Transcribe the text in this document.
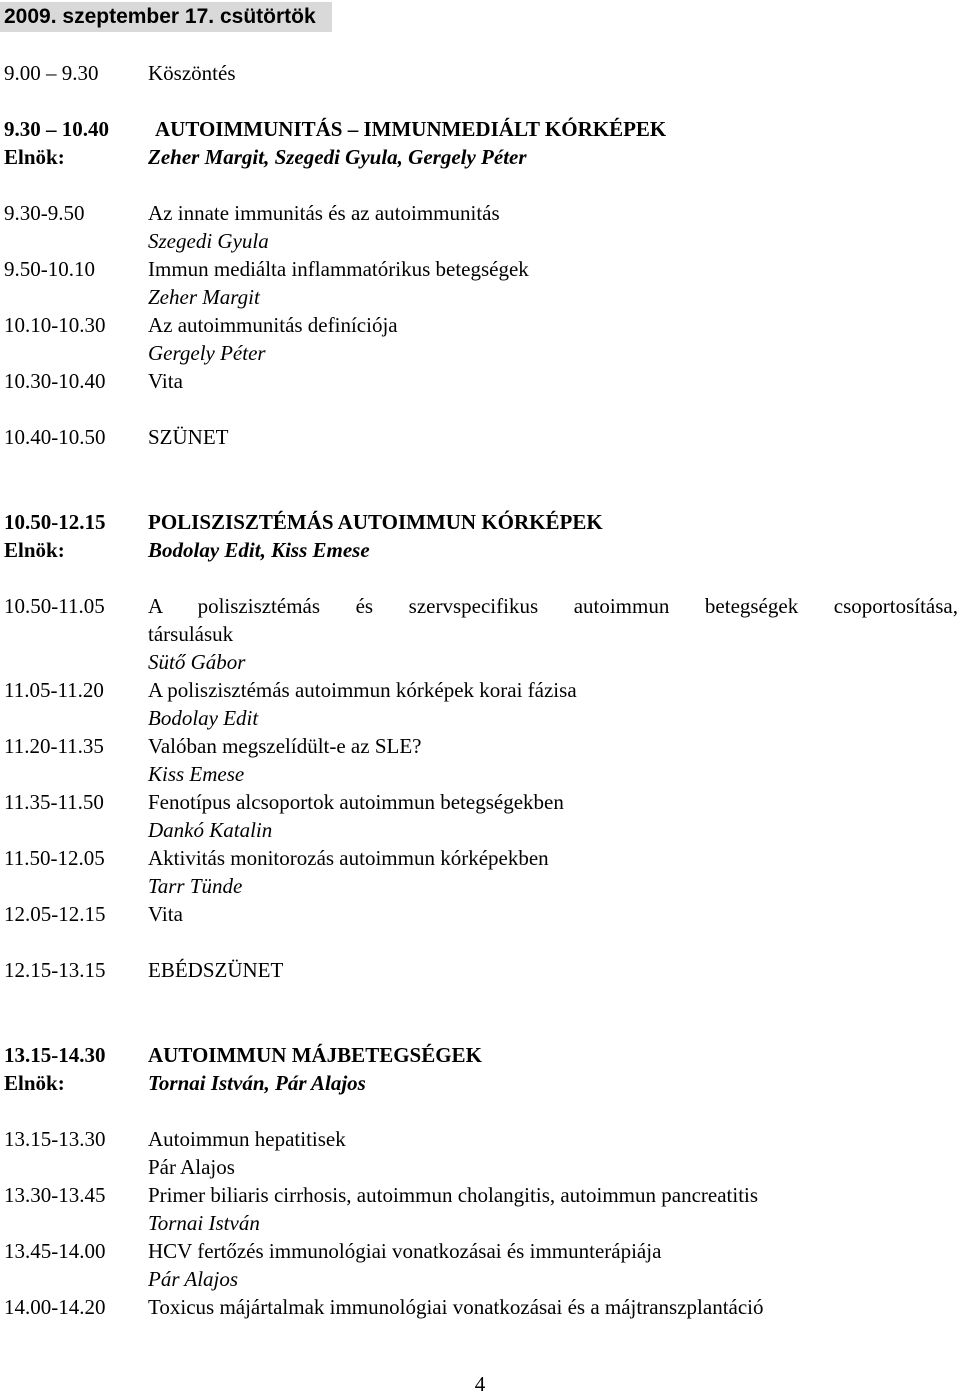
2009. szeptember 17. csütörtök
9.00 – 9.30 Köszöntés
9.30 – 10.40 AUTOIMMUNITÁS – IMMUNMEDIÁLT KÓRKÉPEK
Elnök:	Zeher Margit, Szegedi Gyula, Gergely Péter
9.30-9.50	Az innate immunitás és az autoimmunitás
Szegedi Gyula
9.50-10.10	Immun mediálta inflammatórikus betegségek
Zeher Margit
10.10-10.30 Az autoimmunitás definíciója
Gergely Péter
10.30-10.40 Vita
10.40-10.50 SZÜNET
10.50-12.15 POLISZISZTÉMÁS AUTOIMMUN KÓRKÉPEK
Elnök:	Bodolay Edit, Kiss Emese
10.50-11.05 A poliszisztémás és szervspecifikus autoimmun betegségek csoportosítása,
társulásuk
Sütő Gábor
11.05-11.20 A poliszisztémás autoimmun kórképek korai fázisa
Bodolay Edit
11.20-11.35 Valóban megszelídült-e az SLE?
Kiss Emese
11.35-11.50 Fenotípus alcsoportok autoimmun betegségekben
Dankó Katalin
11.50-12.05 Aktivitás monitorozás autoimmun kórképekben
Tarr Tünde
12.05-12.15 Vita
12.15-13.15 EBÉDSZÜNET
13.15-14.30 AUTOIMMUN MÁJBETEGSÉGEK
Elnök:	Tornai István, Pár Alajos
13.15-13.30 Autoimmun hepatitisek
Pár Alajos
13.30-13.45 Primer biliaris cirrhosis, autoimmun cholangitis, autoimmun pancreatitis
Tornai István
13.45-14.00 HCV fertőzés immunológiai vonatkozásai és immunterápiája
Pár Alajos
14.00-14.20 Toxicus májártalmak immunológiai vonatkozásai és a májtranszplantáció
4
